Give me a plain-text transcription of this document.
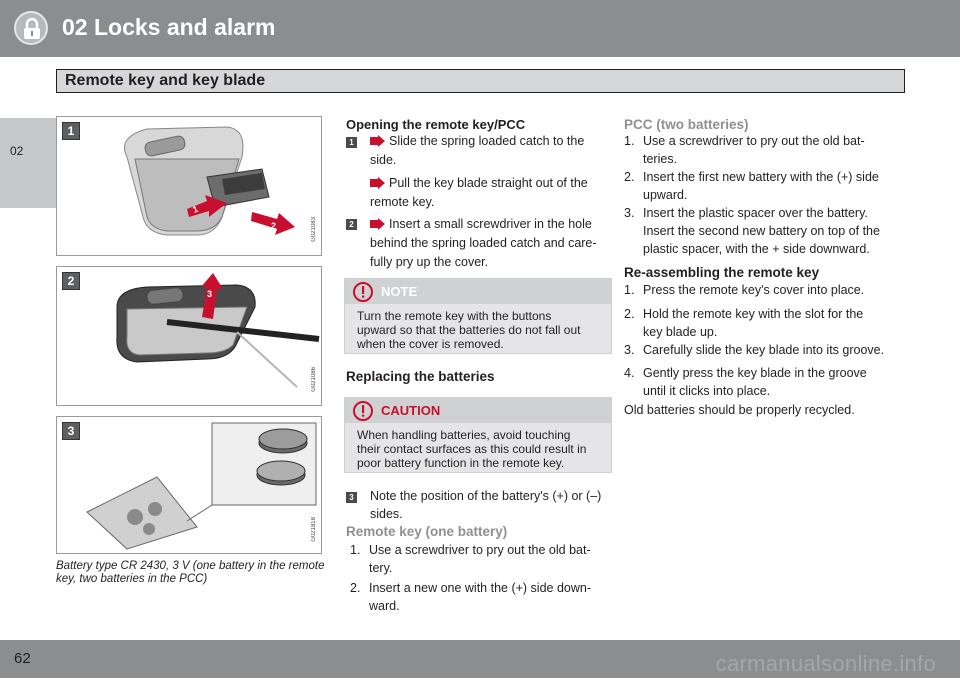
02 Locks and alarm
02
Remote key and key blade
1
1
2	G021083
2
3
G021086
3
G021818
Battery type CR 2430, 3 V (one battery in the remote key, two batteries in the PCC)
Opening the remote key/PCC
1	Slide the spring loaded catch to the
side.
Pull the key blade straight out of the
remote key.
2	Insert a small screwdriver in the hole
behind the spring loaded catch and care-
fully pry up the cover.
NOTE
Turn the remote key with the buttons
upward so that the batteries do not fall out
when the cover is removed.
Replacing the batteries
CAUTION
When handling batteries, avoid touching
their contact surfaces as this could result in
poor battery function in the remote key.
3 Note the position of the battery's (+) or (–)
sides.
Remote key (one battery)
1. Use a screwdriver to pry out the old bat-
tery.
2. Insert a new one with the (+) side down-
ward.
PCC (two batteries)
1. Use a screwdriver to pry out the old bat-
teries.
2. Insert the first new battery with the (+) side
upward.
3. Insert the plastic spacer over the battery.
Insert the second new battery on top of the
plastic spacer, with the + side downward.
Re-assembling the remote key
1. Press the remote key's cover into place.
2. Hold the remote key with the slot for the
key blade up.
3. Carefully slide the key blade into its groove.
4. Gently press the key blade in the groove
until it clicks into place.
Old batteries should be properly recycled.
62	carmanualsonline.info
